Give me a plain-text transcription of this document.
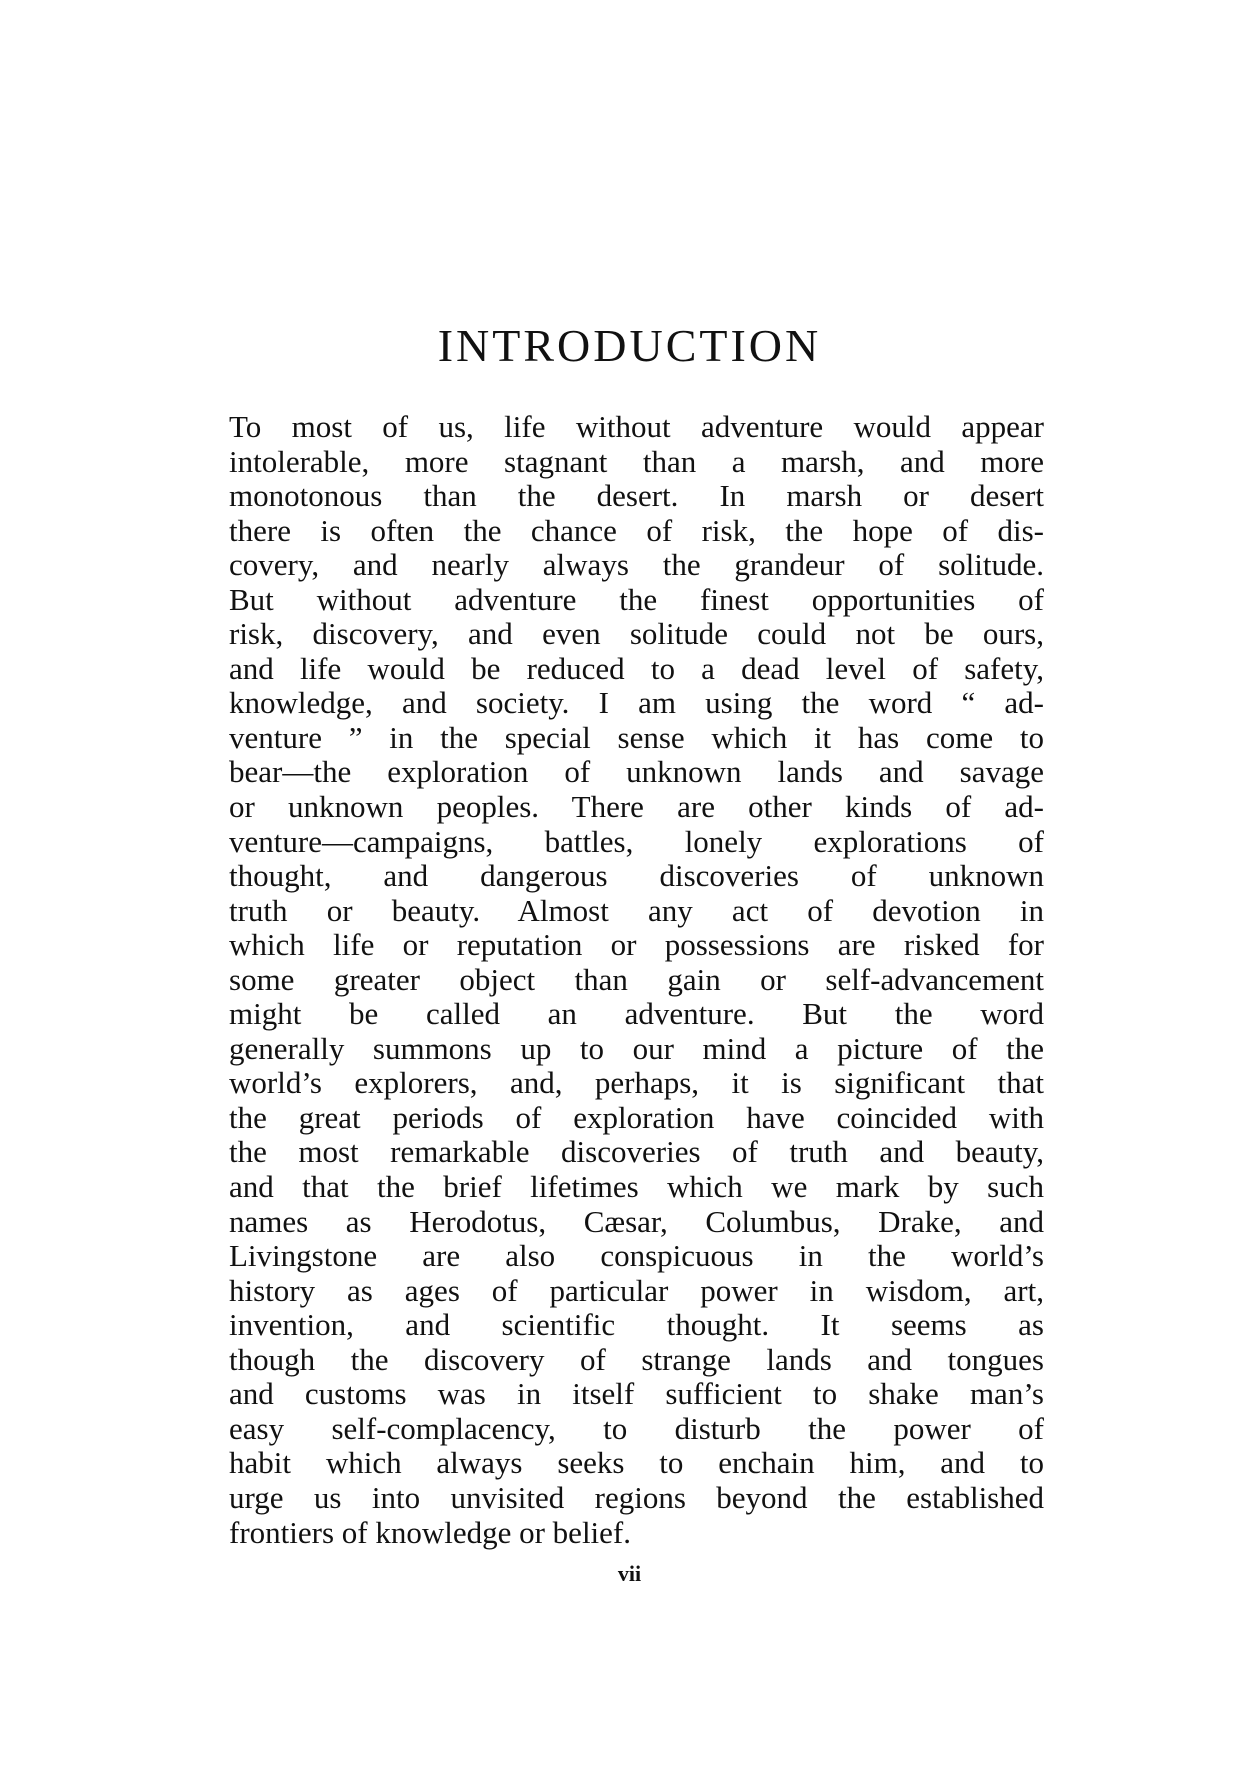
INTRODUCTION
To most of us, life without adventure would appear
intolerable, more stagnant than a marsh, and more
monotonous than the desert. In marsh or desert
there is often the chance of risk, the hope of dis-
covery, and nearly always the grandeur of solitude.
But without adventure the finest opportunities of
risk, discovery, and even solitude could not be ours,
and life would be reduced to a dead level of safety,
knowledge, and society. I am using the word “ ad-
venture ” in the special sense which it has come to
bear—the exploration of unknown lands and savage
or unknown peoples. There are other kinds of ad-
venture—campaigns, battles, lonely explorations of
thought, and dangerous discoveries of unknown
truth or beauty. Almost any act of devotion in
which life or reputation or possessions are risked for
some greater object than gain or self-advancement
might be called an adventure. But the word
generally summons up to our mind a picture of the
world’s explorers, and, perhaps, it is significant that
the great periods of exploration have coincided with
the most remarkable discoveries of truth and beauty,
and that the brief lifetimes which we mark by such
names as Herodotus, Cæsar, Columbus, Drake, and
Livingstone are also conspicuous in the world’s
history as ages of particular power in wisdom, art,
invention, and scientific thought. It seems as
though the discovery of strange lands and tongues
and customs was in itself sufficient to shake man’s
easy self-complacency, to disturb the power of
habit which always seeks to enchain him, and to
urge us into unvisited regions beyond the established
frontiers of knowledge or belief.
vii
